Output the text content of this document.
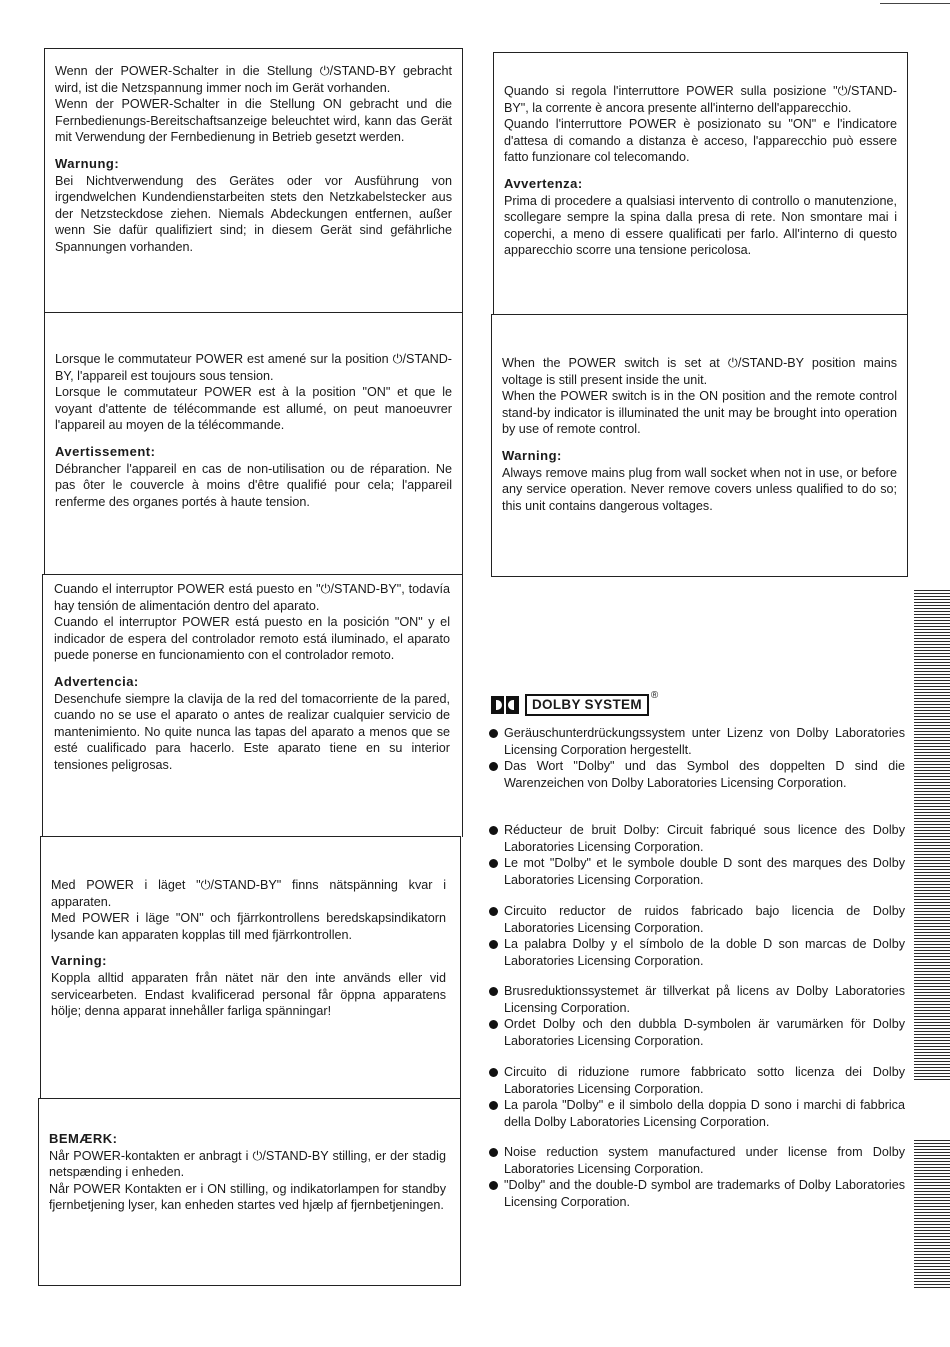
Wenn der POWER-Schalter in die Stellung ⏻/STAND-BY gebracht wird, ist die Netzspannung immer noch im Gerät vorhanden.

Wenn der POWER-Schalter in die Stellung ON gebracht und die Fernbedienungs-Bereitschaftsanzeige beleuchtet wird, kann das Gerät mit Verwendung der Fernbedienung in Betrieb gesetzt werden.

Warnung:

Bei Nichtverwendung des Gerätes oder vor Ausführung von irgendwelchen Kundendienstarbeiten stets den Netzkabelstecker aus der Netzsteckdose ziehen. Niemals Abdeckungen entfernen, außer wenn Sie dafür qualifiziert sind; in diesem Gerät sind gefährliche Spannungen vorhanden.

Lorsque le commutateur POWER est amené sur la position ⏻/STAND-BY, l'appareil est toujours sous tension.

Lorsque le commutateur POWER est à la position "ON" et que le voyant d'attente de télécommande est allumé, on peut manoeuvrer l'appareil au moyen de la télécommande.

Avertissement:

Débrancher l'appareil en cas de non-utilisation ou de réparation. Ne pas ôter le couvercle à moins d'être qualifié pour cela; l'appareil renferme des organes portés à haute tension.

Cuando el interruptor POWER está puesto en "⏻/STAND-BY", todavía hay tensión de alimentación dentro del aparato.

Cuando el interruptor POWER está puesto en la posición "ON" y el indicador de espera del controlador remoto está iluminado, el aparato puede ponerse en funcionamiento con el controlador remoto.

Advertencia:

Desenchufe siempre la clavija de la red del tomacorriente de la pared, cuando no se use el aparato o antes de realizar cualquier servicio de mantenimiento. No quite nunca las tapas del aparato a menos que se esté cualificado para hacerlo. Este aparato tiene en su interior tensiones peligrosas.

Med POWER i läget "⏻/STAND-BY" finns nätspänning kvar i apparaten.

Med POWER i läge "ON" och fjärrkontrollens beredskapsindikatorn lysande kan apparaten kopplas till med fjärrkontrollen.

Varning:

Koppla alltid apparaten från nätet när den inte används eller vid servicearbeten. Endast kvalificerad personal får öppna apparatens hölje; denna apparat innehåller farliga spänningar!

BEMÆRK:

Når POWER-kontakten er anbragt i ⏻/STAND-BY stilling, er der stadig netspænding i enheden.

Når POWER Kontakten er i ON stilling, og indikatorlampen for standby fjernbetjening lyser, kan enheden startes ved hjælp af fjernbetjeningen.

Quando si regola l'interruttore POWER sulla posizione "⏻/STAND-BY", la corrente è ancora presente all'interno dell'apparecchio.

Quando l'interruttore POWER è posizionato su "ON" e l'indicatore d'attesa di comando a distanza è acceso, l'apparecchio può essere fatto funzionare col telecomando.

Avvertenza:

Prima di procedere a qualsiasi intervento di controllo o manutenzione, scollegare sempre la spina dalla presa di rete. Non smontare mai i coperchi, a meno di essere qualificati per farlo. All'interno di questo apparecchio scorre una tensione pericolosa.

When the POWER switch is set at ⏻/STAND-BY position mains voltage is still present inside the unit.

When the POWER switch is in the ON position and the remote control stand-by indicator is illuminated the unit may be brought into operation by use of remote control.

Warning:

Always remove mains plug from wall socket when not in use, or before any service operation. Never remove covers unless qualified to do so; this unit contains dangerous voltages.

DOLBY SYSTEM
®
Geräuschunterdrückungssystem unter Lizenz von Dolby Laboratories Licensing Corporation hergestellt.
Das Wort "Dolby" und das Symbol des doppelten D sind die Warenzeichen von Dolby Laboratories Licensing Corporation.
Réducteur de bruit Dolby: Circuit fabriqué sous licence des Dolby Laboratories Licensing Corporation.
Le mot "Dolby" et le symbole double D sont des marques des Dolby Laboratories Licensing Corporation.
Circuito reductor de ruidos fabricado bajo licencia de Dolby Laboratories Licensing Corporation.
La palabra Dolby y el símbolo de la doble D son marcas de Dolby Laboratories Licensing Corporation.
Brusreduktionssystemet är tillverkat på licens av Dolby Laboratories Licensing Corporation.
Ordet Dolby och den dubbla D-symbolen är varumärken för Dolby Laboratories Licensing Corporation.
Circuito di riduzione rumore fabbricato sotto licenza dei Dolby Laboratories Licensing Corporation.
La parola "Dolby" e il simbolo della doppia D sono i marchi di fabbrica della Dolby Laboratories Licensing Corporation.
Noise reduction system manufactured under license from Dolby Laboratories Licensing Corporation.
"Dolby" and the double-D symbol are trademarks of Dolby Laboratories Licensing Corporation.
